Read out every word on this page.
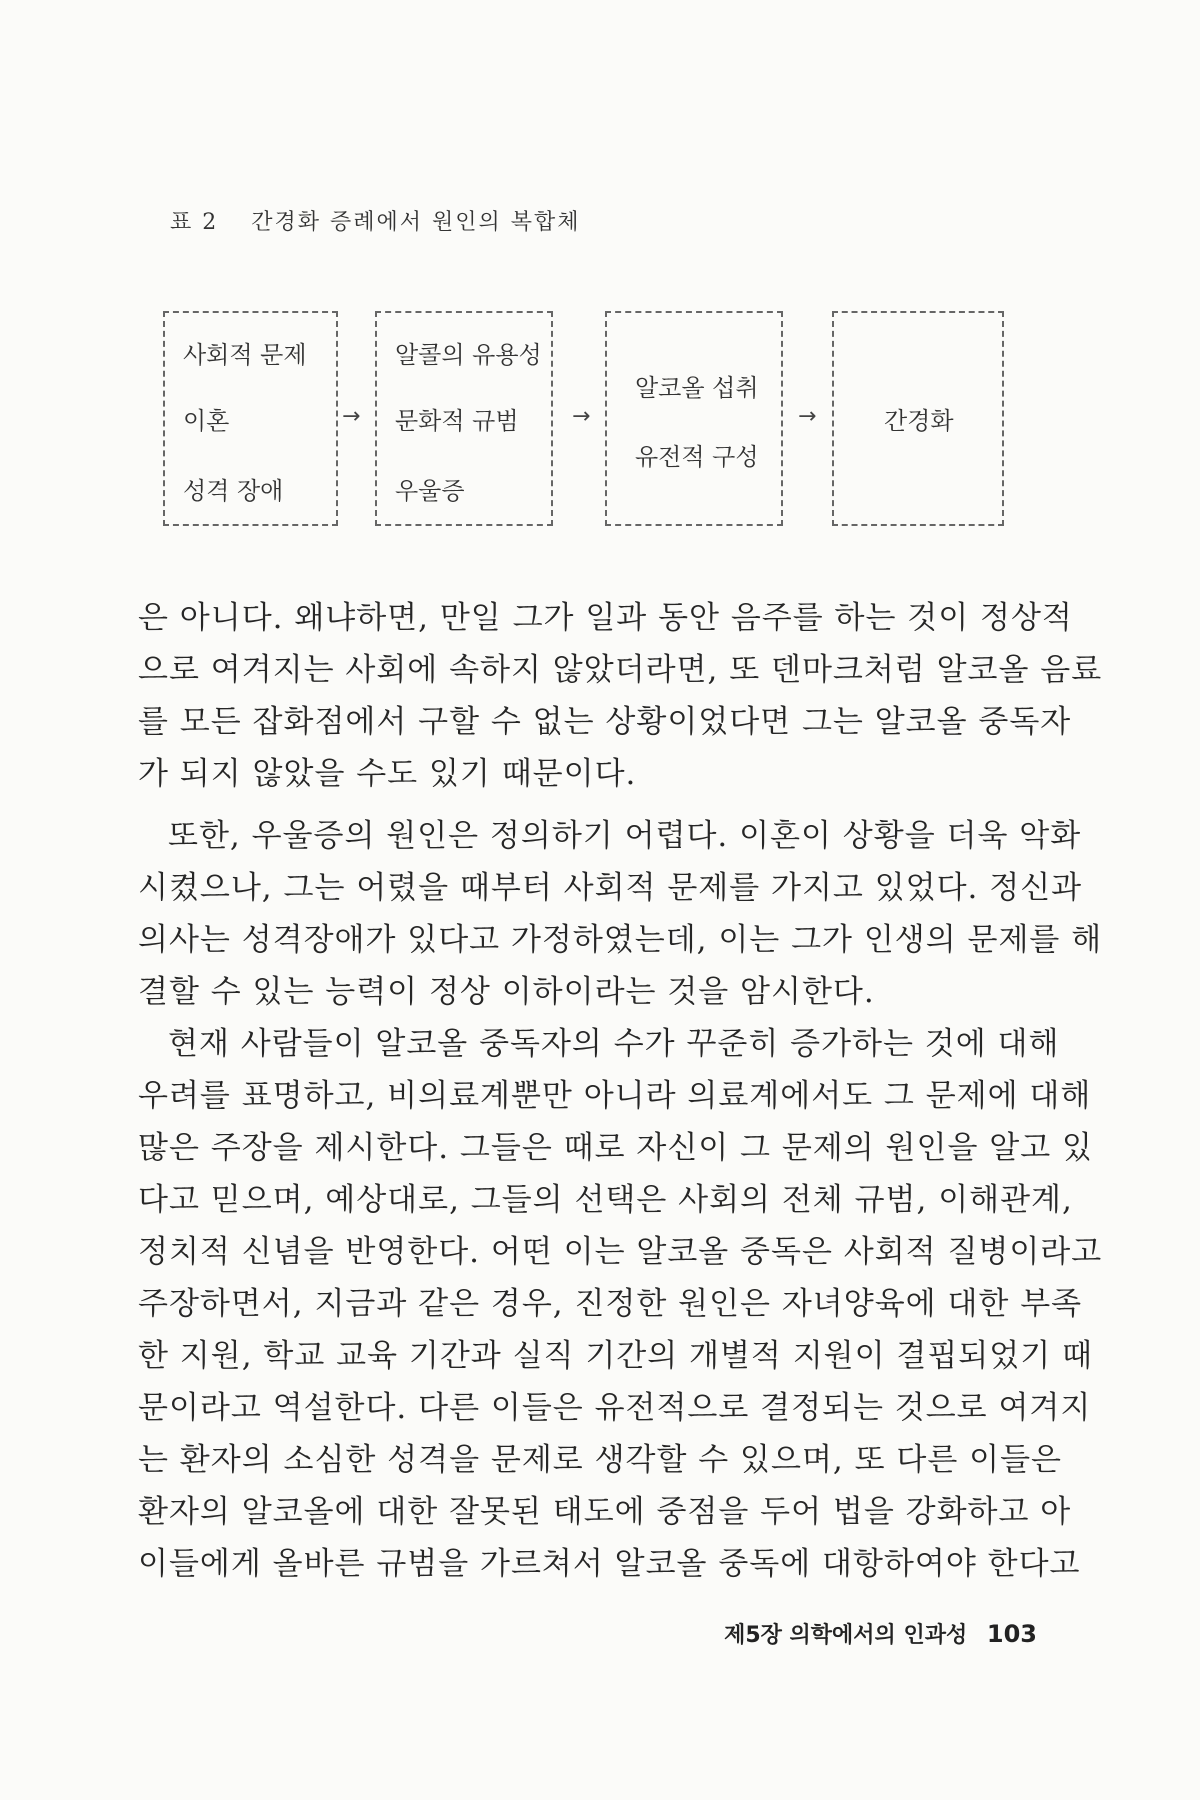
표 2 간경화 증례에서 원인의 복합체
사회적 문제
이혼
성격 장애
→
알콜의 유용성
문화적 규범
우울증
→
알코올 섭취
유전적 구성
→	간경화
은 아니다. 왜냐하면, 만일 그가 일과 동안 음주를 하는 것이 정상적
으로 여겨지는 사회에 속하지 않았더라면, 또 덴마크처럼 알코올 음료
를 모든 잡화점에서 구할 수 없는 상황이었다면 그는 알코올 중독자
가 되지 않았을 수도 있기 때문이다.
또한, 우울증의 원인은 정의하기 어렵다. 이혼이 상황을 더욱 악화
시켰으나, 그는 어렸을 때부터 사회적 문제를 가지고 있었다. 정신과
의사는 성격장애가 있다고 가정하였는데, 이는 그가 인생의 문제를 해
결할 수 있는 능력이 정상 이하이라는 것을 암시한다.
현재 사람들이 알코올 중독자의 수가 꾸준히 증가하는 것에 대해
우려를 표명하고, 비의료계뿐만 아니라 의료계에서도 그 문제에 대해
많은 주장을 제시한다. 그들은 때로 자신이 그 문제의 원인을 알고 있
다고 믿으며, 예상대로, 그들의 선택은 사회의 전체 규범, 이해관계,
정치적 신념을 반영한다. 어떤 이는 알코올 중독은 사회적 질병이라고
주장하면서, 지금과 같은 경우, 진정한 원인은 자녀양육에 대한 부족
한 지원, 학교 교육 기간과 실직 기간의 개별적 지원이 결핍되었기 때
문이라고 역설한다. 다른 이들은 유전적으로 결정되는 것으로 여겨지
는 환자의 소심한 성격을 문제로 생각할 수 있으며, 또 다른 이들은
환자의 알코올에 대한 잘못된 태도에 중점을 두어 법을 강화하고 아
이들에게 올바른 규범을 가르쳐서 알코올 중독에 대항하여야 한다고
제5장 의학에서의 인과성 103
